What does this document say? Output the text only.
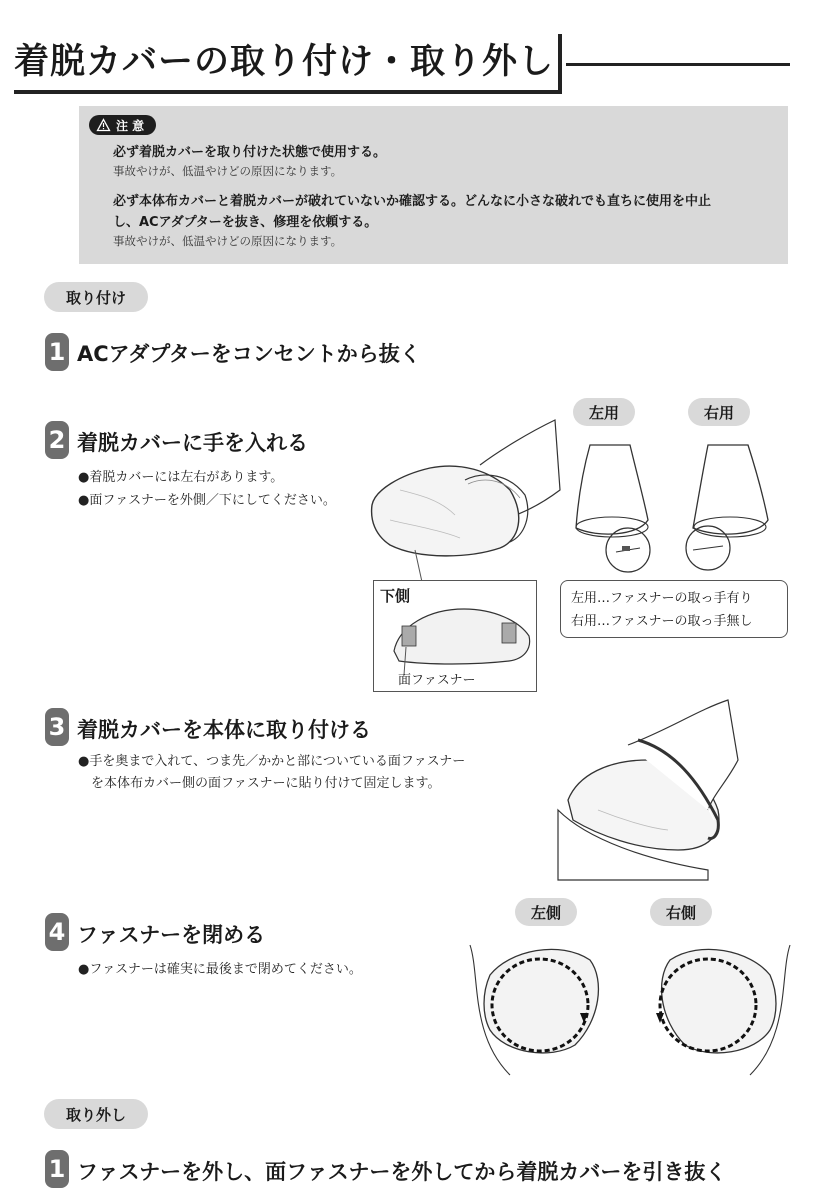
着脱カバーの取り付け・取り外し
注 意
必ず着脱カバーを取り付けた状態で使用する。
事故やけが、低温やけどの原因になります。
必ず本体布カバーと着脱カバーが破れていないか確認する。どんなに小さな破れでも直ちに使用を中止
し、ACアダプターを抜き、修理を依頼する。
事故やけが、低温やけどの原因になります。
取り付け
1 ACアダプターをコンセントから抜く
2 着脱カバーに手を入れる
●着脱カバーには左右があります。
●面ファスナーを外側／下にしてください。
下側
面ファスナー
左用	右用
左用…ファスナーの取っ手有り
右用…ファスナーの取っ手無し
3 着脱カバーを本体に取り付ける
●手を奥まで入れて、つま先／かかと部についている面ファスナー
を本体布カバー側の面ファスナーに貼り付けて固定します。
4 ファスナーを閉める
●ファスナーは確実に最後まで閉めてください。
左側	右側
取り外し
1 ファスナーを外し、面ファスナーを外してから着脱カバーを引き抜く
